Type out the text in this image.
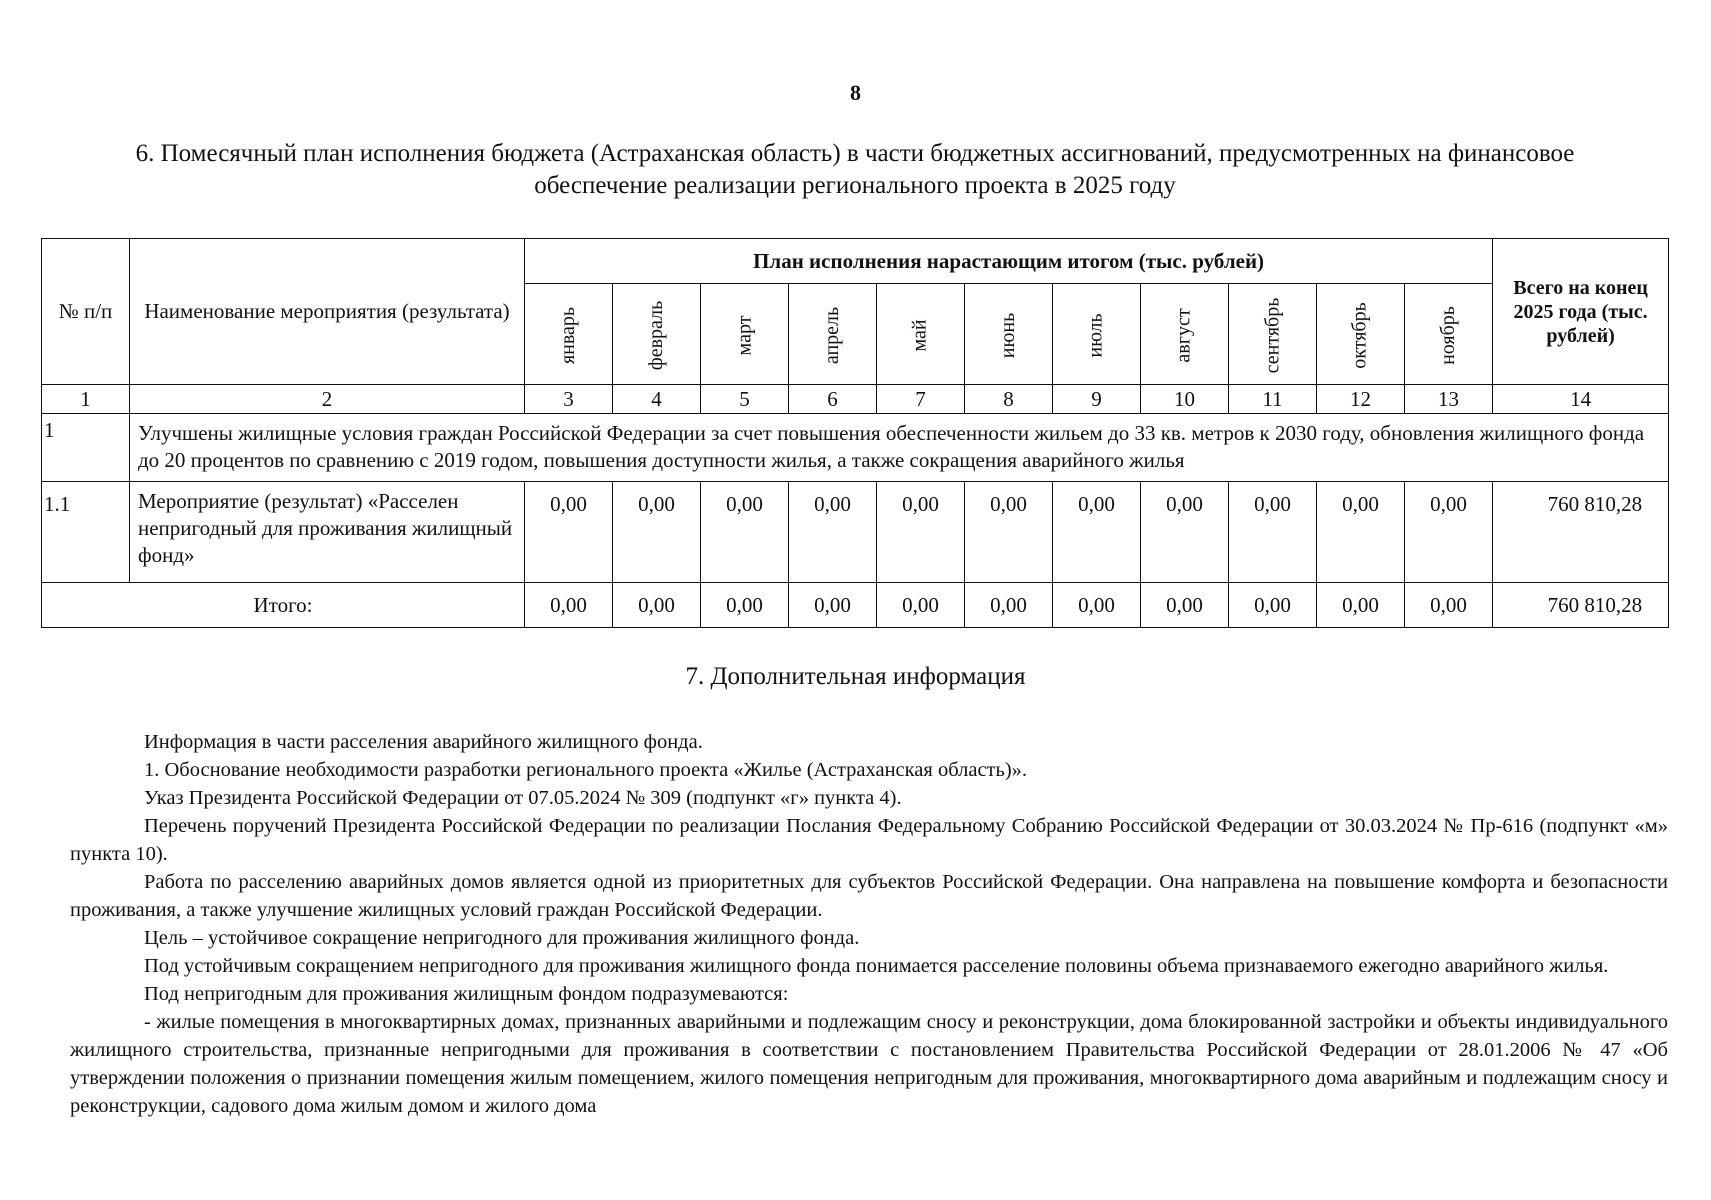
8
6. Помесячный план исполнения бюджета (Астраханская область) в части бюджетных ассигнований, предусмотренных на финансовое обеспечение реализации регионального проекта в 2025 году
№ п/п	Наименование мероприятия (результата)	План исполнения нарастающим итогом (тыс. рублей)											Всего на конец 2025 года (тыс. рублей)
		январь	февраль	март	апрель	май	июнь	июль	август	сентябрь	октябрь	ноябрь	
1	2	3	4	5	6	7	8	9	10	11	12	13	14
1	Улучшены жилищные условия граждан Российской Федерации за счет повышения обеспеченности жильем до 33 кв. метров к 2030 году, обновления жилищного фонда до 20 процентов по сравнению с 2019 годом, повышения доступности жилья, а также сокращения аварийного жилья												
1.1	Мероприятие (результат) «Расселен непригодный для проживания жилищный фонд»	0,00	0,00	0,00	0,00	0,00	0,00	0,00	0,00	0,00	0,00	0,00	760 810,28
Итого:		0,00	0,00	0,00	0,00	0,00	0,00	0,00	0,00	0,00	0,00	0,00	760 810,28
7. Дополнительная информация

Информация в части расселения аварийного жилищного фонда.

1. Обоснование необходимости разработки регионального проекта «Жилье (Астраханская область)».

Указ Президента Российской Федерации от 07.05.2024 № 309 (подпункт «г» пункта 4).

Перечень поручений Президента Российской Федерации по реализации Послания Федеральному Собранию Российской Федерации от 30.03.2024 № Пр-616 (подпункт «м» пункта 10).

Работа по расселению аварийных домов является одной из приоритетных для субъектов Российской Федерации. Она направлена на повышение комфорта и безопасности проживания, а также улучшение жилищных условий граждан Российской Федерации.

Цель – устойчивое сокращение непригодного для проживания жилищного фонда.

Под устойчивым сокращением непригодного для проживания жилищного фонда понимается расселение половины объема признаваемого ежегодно аварийного жилья.

Под непригодным для проживания жилищным фондом подразумеваются:

- жилые помещения в многоквартирных домах, признанных аварийными и подлежащим сносу и реконструкции, дома блокированной застройки и объекты индивидуального жилищного строительства, признанные непригодными для проживания в соответствии с постановлением Правительства Российской Федерации от 28.01.2006 № 47 «Об утверждении положения о признании помещения жилым помещением, жилого помещения непригодным для проживания, многоквартирного дома аварийным и подлежащим сносу и реконструкции, садового дома жилым домом и жилого дома
